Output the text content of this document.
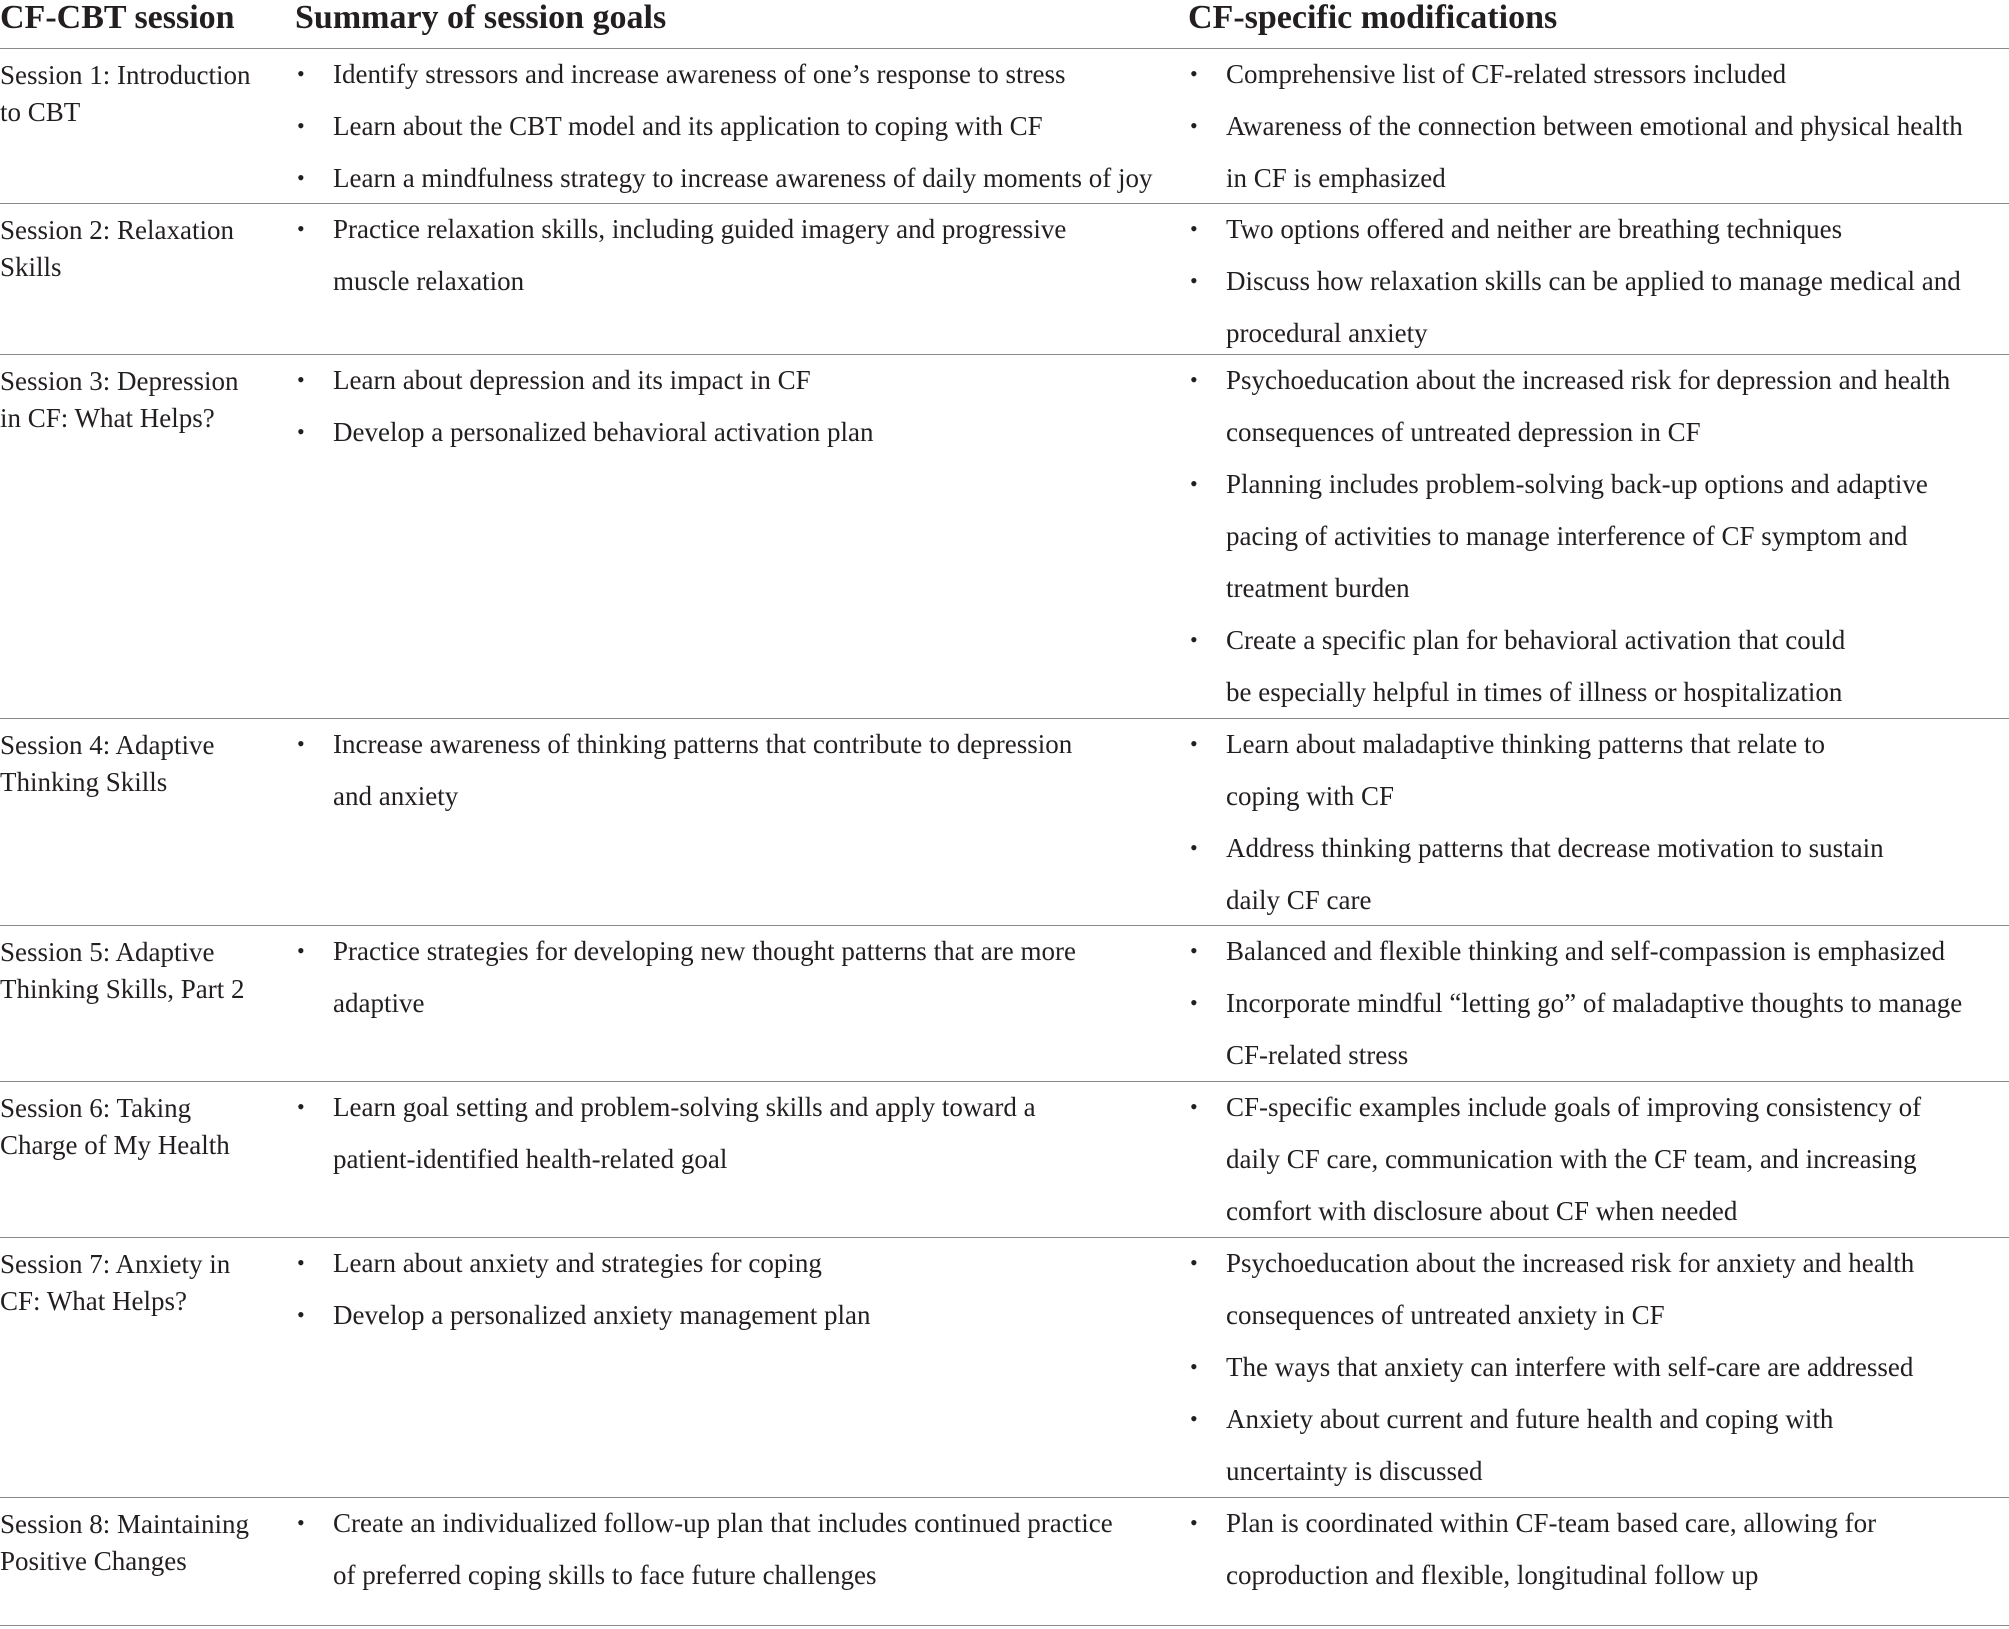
CF-CBT session Summary of session goals	CF-specific modifications
Session 1: Introduction
to CBT
• Identify stressors and increase awareness of one’s response to stress
• Learn about the CBT model and its application to coping with CF
• Learn a mindfulness strategy to increase awareness of daily moments of joy
• Comprehensive list of CF-related stressors included
• Awareness of the connection between emotional and physical health
in CF is emphasized
Session 2: Relaxation
Skills
• Practice relaxation skills, including guided imagery and progressive
muscle relaxation
• Two options offered and neither are breathing techniques
• Discuss how relaxation skills can be applied to manage medical and
procedural anxiety
Session 3: Depression
in CF: What Helps?
• Learn about depression and its impact in CF
• Develop a personalized behavioral activation plan
• Psychoeducation about the increased risk for depression and health
consequences of untreated depression in CF
• Planning includes problem-solving back-up options and adaptive
pacing of activities to manage interference of CF symptom and
treatment burden
• Create a specific plan for behavioral activation that could
be especially helpful in times of illness or hospitalization
Session 4: Adaptive
Thinking Skills
• Increase awareness of thinking patterns that contribute to depression
and anxiety
• Learn about maladaptive thinking patterns that relate to
coping with CF
• Address thinking patterns that decrease motivation to sustain
daily CF care
Session 5: Adaptive
Thinking Skills, Part 2
• Practice strategies for developing new thought patterns that are more
adaptive
• Balanced and flexible thinking and self-compassion is emphasized
• Incorporate mindful “letting go” of maladaptive thoughts to manage
CF-related stress
Session 6: Taking
Charge of My Health
• Learn goal setting and problem-solving skills and apply toward a
patient-identified health-related goal
• CF-specific examples include goals of improving consistency of
daily CF care, communication with the CF team, and increasing
comfort with disclosure about CF when needed
Session 7: Anxiety in
CF: What Helps?
• Learn about anxiety and strategies for coping
• Develop a personalized anxiety management plan
• Psychoeducation about the increased risk for anxiety and health
consequences of untreated anxiety in CF
• The ways that anxiety can interfere with self-care are addressed
• Anxiety about current and future health and coping with
uncertainty is discussed
Session 8: Maintaining
Positive Changes
• Create an individualized follow-up plan that includes continued practice
of preferred coping skills to face future challenges
• Plan is coordinated within CF-team based care, allowing for
coproduction and flexible, longitudinal follow up
